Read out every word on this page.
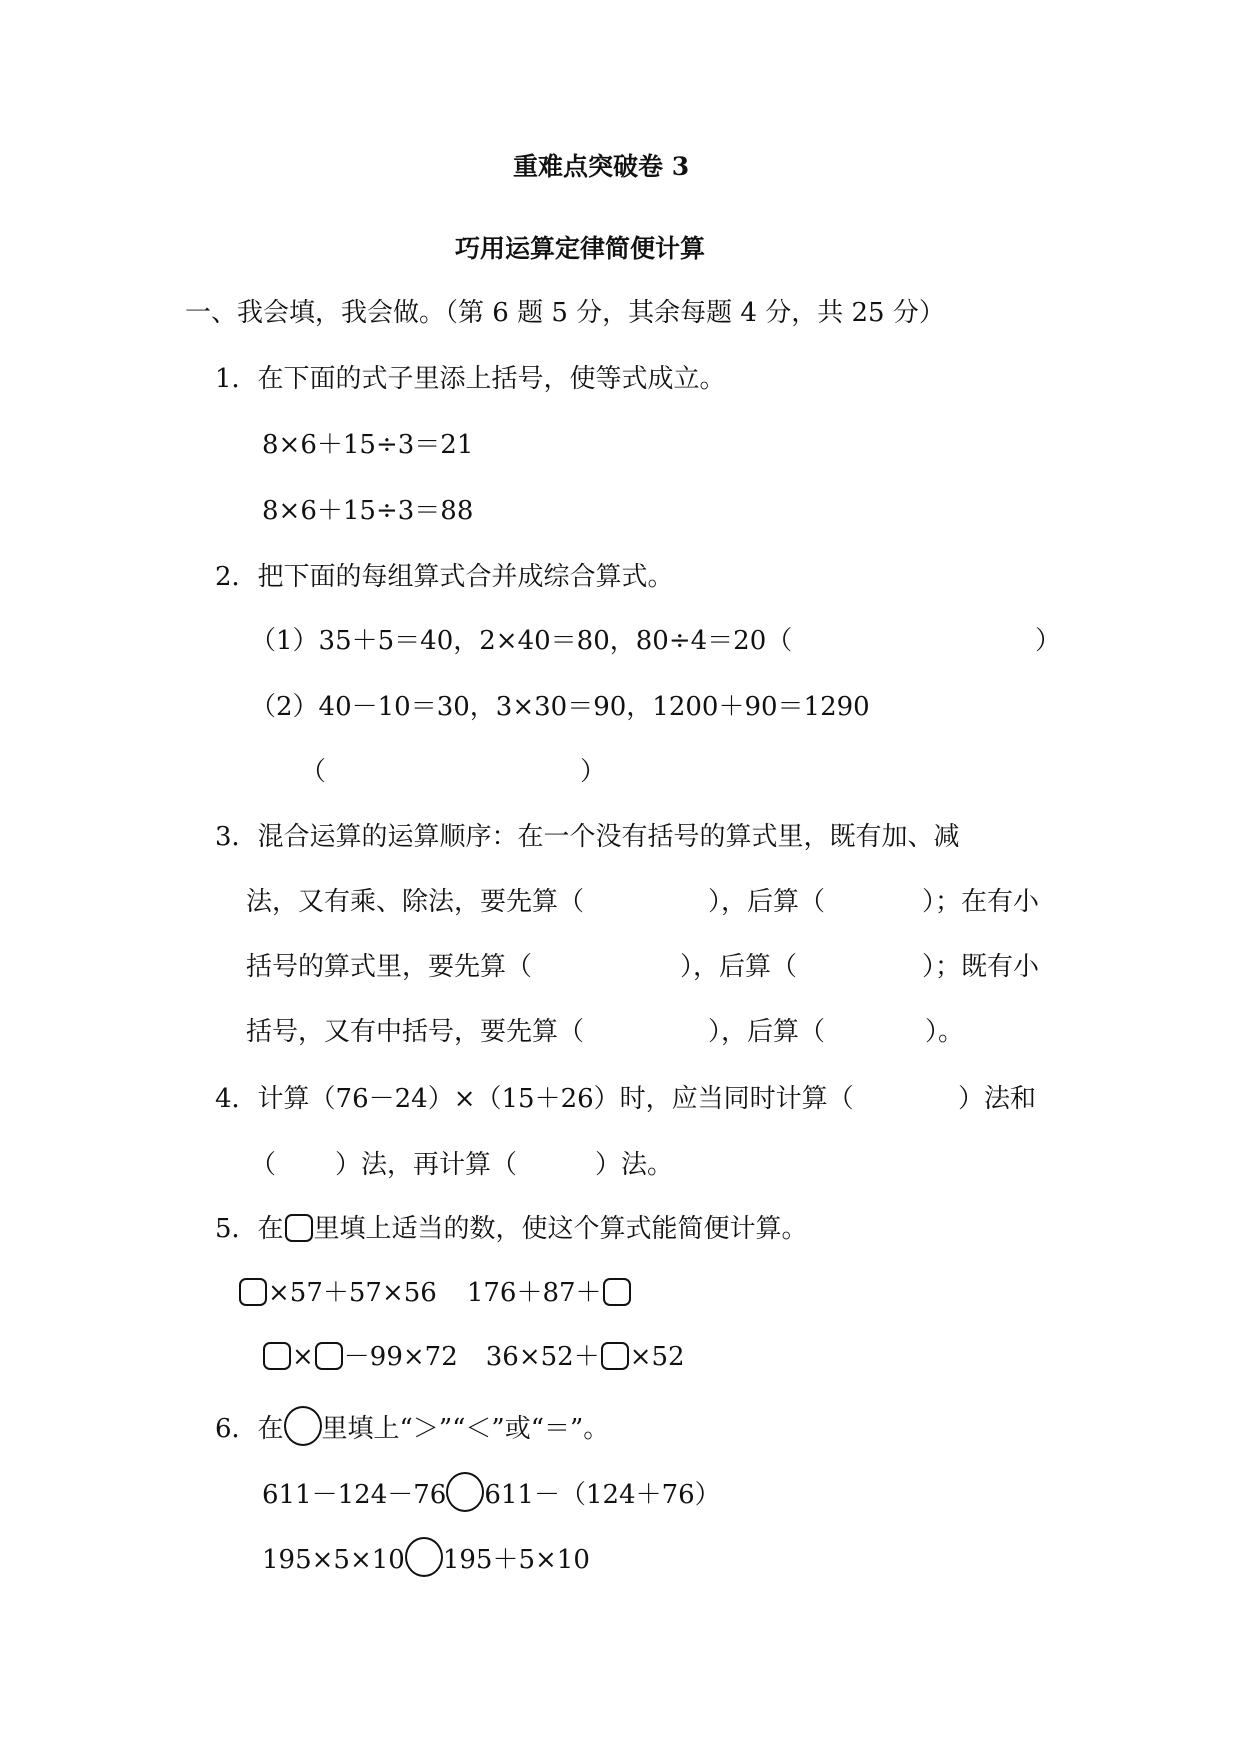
重难点突破卷 3
巧用运算定律简便计算
一、我会填，我会做。（第 6 题 5 分，其余每题 4 分，共 25 分）
1．在下面的式子里添上括号，使等式成立。
8×6＋15÷3＝21
8×6＋15÷3＝88
2．把下面的每组算式合并成综合算式。
（1）35＋5＝40，2×40＝80，80÷4＝20（	）
（2）40－10＝30，3×30＝90，1200＋90＝1290
（	）
3．混合运算的运算顺序：在一个没有括号的算式里，既有加、减
法，又有乘、除法，要先算（	），后算（	）；在有小
括号的算式里，要先算（	），后算（	）；既有小
括号，又有中括号，要先算（	），后算（	）。
4．计算（76－24）×（15＋26）时，应当同时计算（	）法和
（ ）法，再计算（	）法。
5．在 里填上适当的数，使这个算式能简便计算。
×57＋57×56 176＋87＋
× －99×72 36×52＋ ×52
6．在 里填上“＞”“＜”或“＝”。
611－124－76 611－（124＋76）
195×5×10 195＋5×10
